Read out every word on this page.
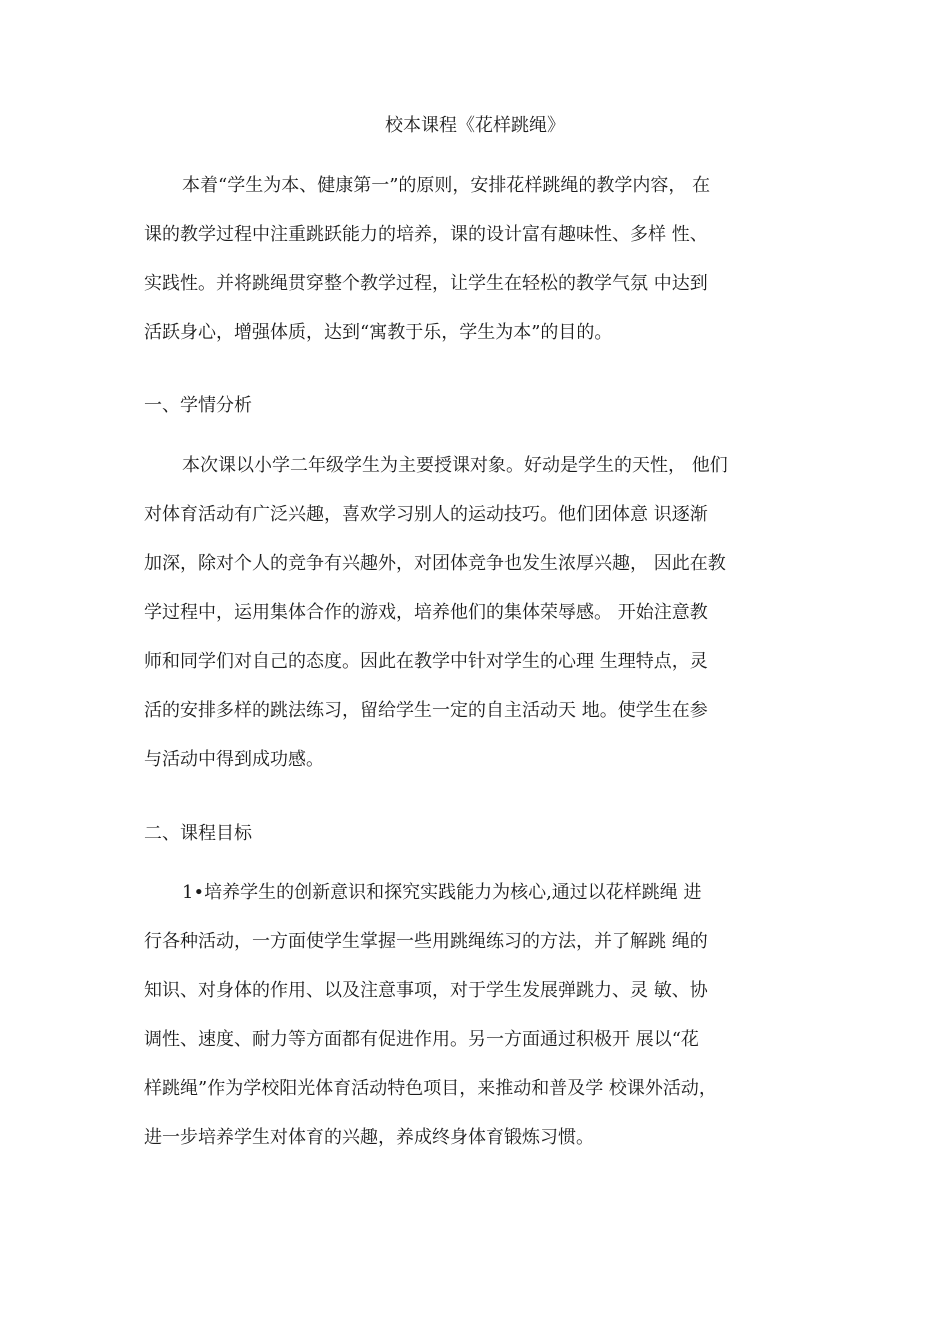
校本课程《花样跳绳》
本着“学生为本、健康第一”的原则，安排花样跳绳的教学内容， 在
课的教学过程中注重跳跃能力的培养，课的设计富有趣味性、多样 性、
实践性。并将跳绳贯穿整个教学过程，让学生在轻松的教学气氛 中达到
活跃身心，增强体质，达到“寓教于乐，学生为本”的目的。
一、学情分析
本次课以小学二年级学生为主要授课对象。好动是学生的天性， 他们
对体育活动有广泛兴趣，喜欢学习别人的运动技巧。他们团体意 识逐渐
加深，除对个人的竞争有兴趣外，对团体竞争也发生浓厚兴趣， 因此在教
学过程中，运用集体合作的游戏，培养他们的集体荣辱感。 开始注意教
师和同学们对自己的态度。因此在教学中针对学生的心理 生理特点，灵
活的安排多样的跳法练习，留给学生一定的自主活动天 地。使学生在参
与活动中得到成功感。
二、课程目标
1•培养学生的创新意识和探究实践能力为核心,通过以花样跳绳 进
行各种活动，一方面使学生掌握一些用跳绳练习的方法，并了解跳 绳的
知识、对身体的作用、以及注意事项，对于学生发展弹跳力、灵 敏、协
调性、速度、耐力等方面都有促进作用。另一方面通过积极开 展以“花
样跳绳”作为学校阳光体育活动特色项目，来推动和普及学 校课外活动，
进一步培养学生对体育的兴趣，养成终身体育锻炼习惯。
